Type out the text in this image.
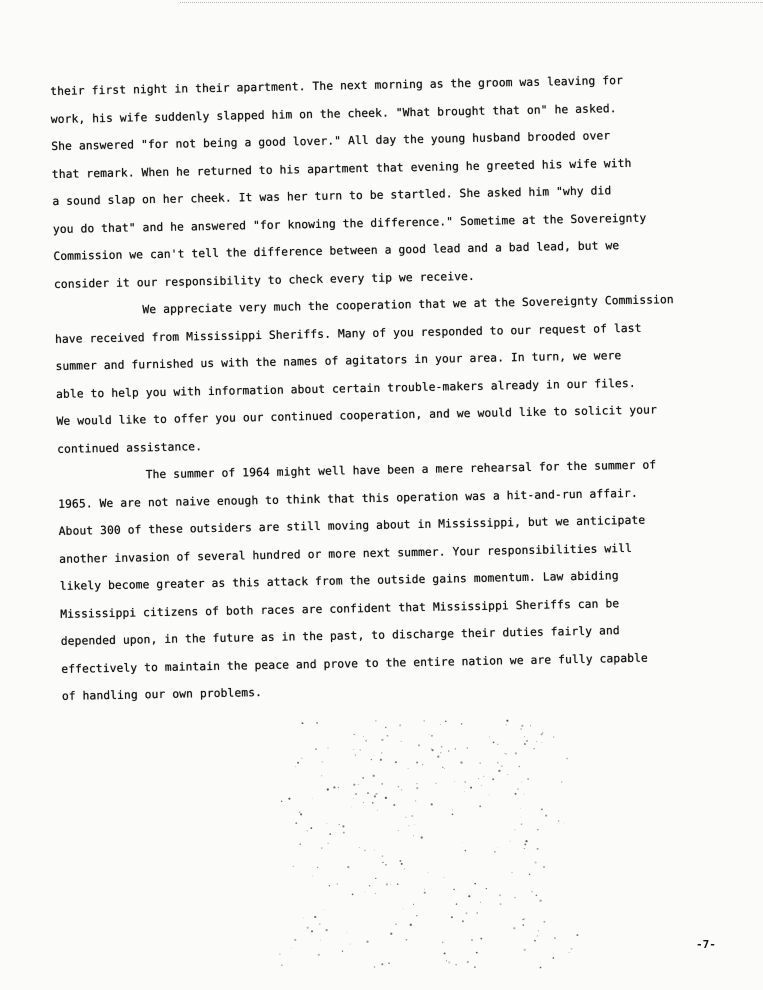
their first night in their apartment. The next morning as the groom was leaving for
work, his wife suddenly slapped him on the cheek. "What brought that on" he asked.
She answered "for not being a good lover." All day the young husband brooded over
that remark. When he returned to his apartment that evening he greeted his wife with
a sound slap on her cheek. It was her turn to be startled. She asked him "why did
you do that" and he answered "for knowing the difference." Sometime at the Sovereignty
Commission we can't tell the difference between a good lead and a bad lead, but we
consider it our responsibility to check every tip we receive.
We appreciate very much the cooperation that we at the Sovereignty Commission
have received from Mississippi Sheriffs. Many of you responded to our request of last
summer and furnished us with the names of agitators in your area. In turn, we were
able to help you with information about certain trouble-makers already in our files.
We would like to offer you our continued cooperation, and we would like to solicit your
continued assistance.
The summer of 1964 might well have been a mere rehearsal for the summer of
1965. We are not naive enough to think that this operation was a hit-and-run affair.
About 300 of these outsiders are still moving about in Mississippi, but we anticipate
another invasion of several hundred or more next summer. Your responsibilities will
likely become greater as this attack from the outside gains momentum. Law abiding
Mississippi citizens of both races are confident that Mississippi Sheriffs can be
depended upon, in the future as in the past, to discharge their duties fairly and
effectively to maintain the peace and prove to the entire nation we are fully capable
of handling our own problems.
-7-
